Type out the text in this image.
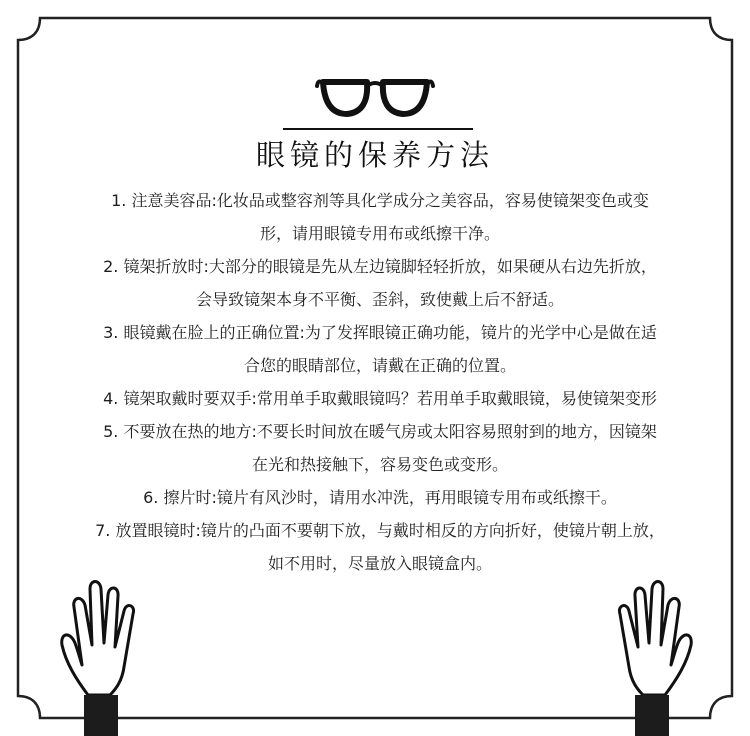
眼镜的保养方法
1. 注意美容品:化妆品或整容剂等具化学成分之美容品，容易使镜架变色或变
形，请用眼镜专用布或纸擦干净。
2. 镜架折放时:大部分的眼镜是先从左边镜脚轻轻折放，如果硬从右边先折放，
会导致镜架本身不平衡、歪斜，致使戴上后不舒适。
3. 眼镜戴在脸上的正确位置:为了发挥眼镜正确功能，镜片的光学中心是做在适
合您的眼睛部位，请戴在正确的位置。
4. 镜架取戴时要双手:常用单手取戴眼镜吗？若用单手取戴眼镜，易使镜架变形
5. 不要放在热的地方:不要长时间放在暖气房或太阳容易照射到的地方，因镜架
在光和热接触下，容易变色或变形。
6. 擦片时:镜片有风沙时，请用水冲洗，再用眼镜专用布或纸擦干。
7. 放置眼镜时:镜片的凸面不要朝下放，与戴时相反的方向折好，使镜片朝上放，
如不用时，尽量放入眼镜盒内。
